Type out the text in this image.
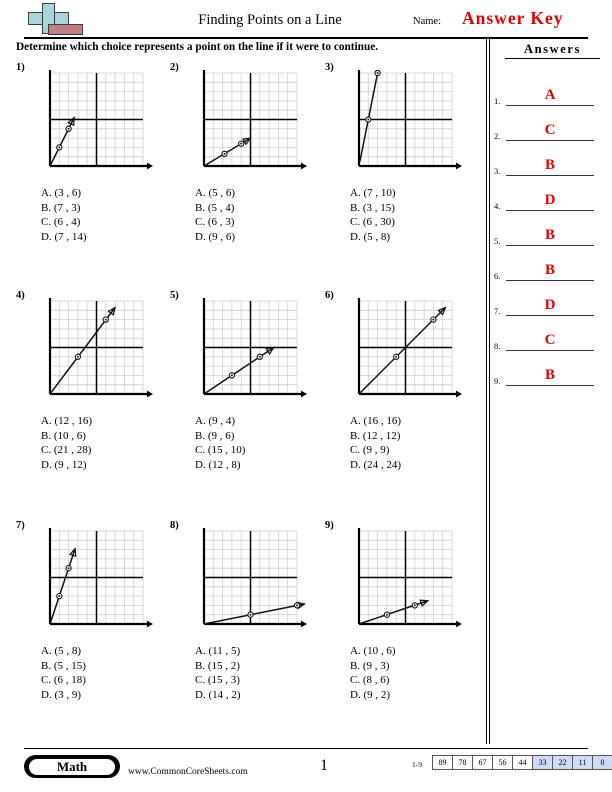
Finding Points on a Line	Name: Answer Key
Determine which choice represents a point on the line if it were to continue.	Answers
1.	A
2.	C
3.	B
4.	D
5.	B
6.	B
7.	D
8.	C
9.	B
1)
A. (3 , 6)
B. (7 , 3)
C. (6 , 4)
D. (7 , 14)
2)
A. (5 , 6)
B. (5 , 4)
C. (6 , 3)
D. (9 , 6)
3)
A. (7 , 10)
B. (3 , 15)
C. (6 , 30)
D. (5 , 8)
4)
A. (12 , 16)
B. (10 , 6)
C. (21 , 28)
D. (9 , 12)
5)
A. (9 , 4)
B. (9 , 6)
C. (15 , 10)
D. (12 , 8)
6)
A. (16 , 16)
B. (12 , 12)
C. (9 , 9)
D. (24 , 24)
7)
A. (5 , 8)
B. (5 , 15)
C. (6 , 18)
D. (3 , 9)
8)
A. (11 , 5)
B. (15 , 2)
C. (15 , 3)
D. (14 , 2)
9)
A. (10 , 6)
B. (9 , 3)
C. (8 , 6)
D. (9 , 2)
Math	www.CommonCoreSheets.com	1	1-9	89	78	67	56	44	33	22	11	0
